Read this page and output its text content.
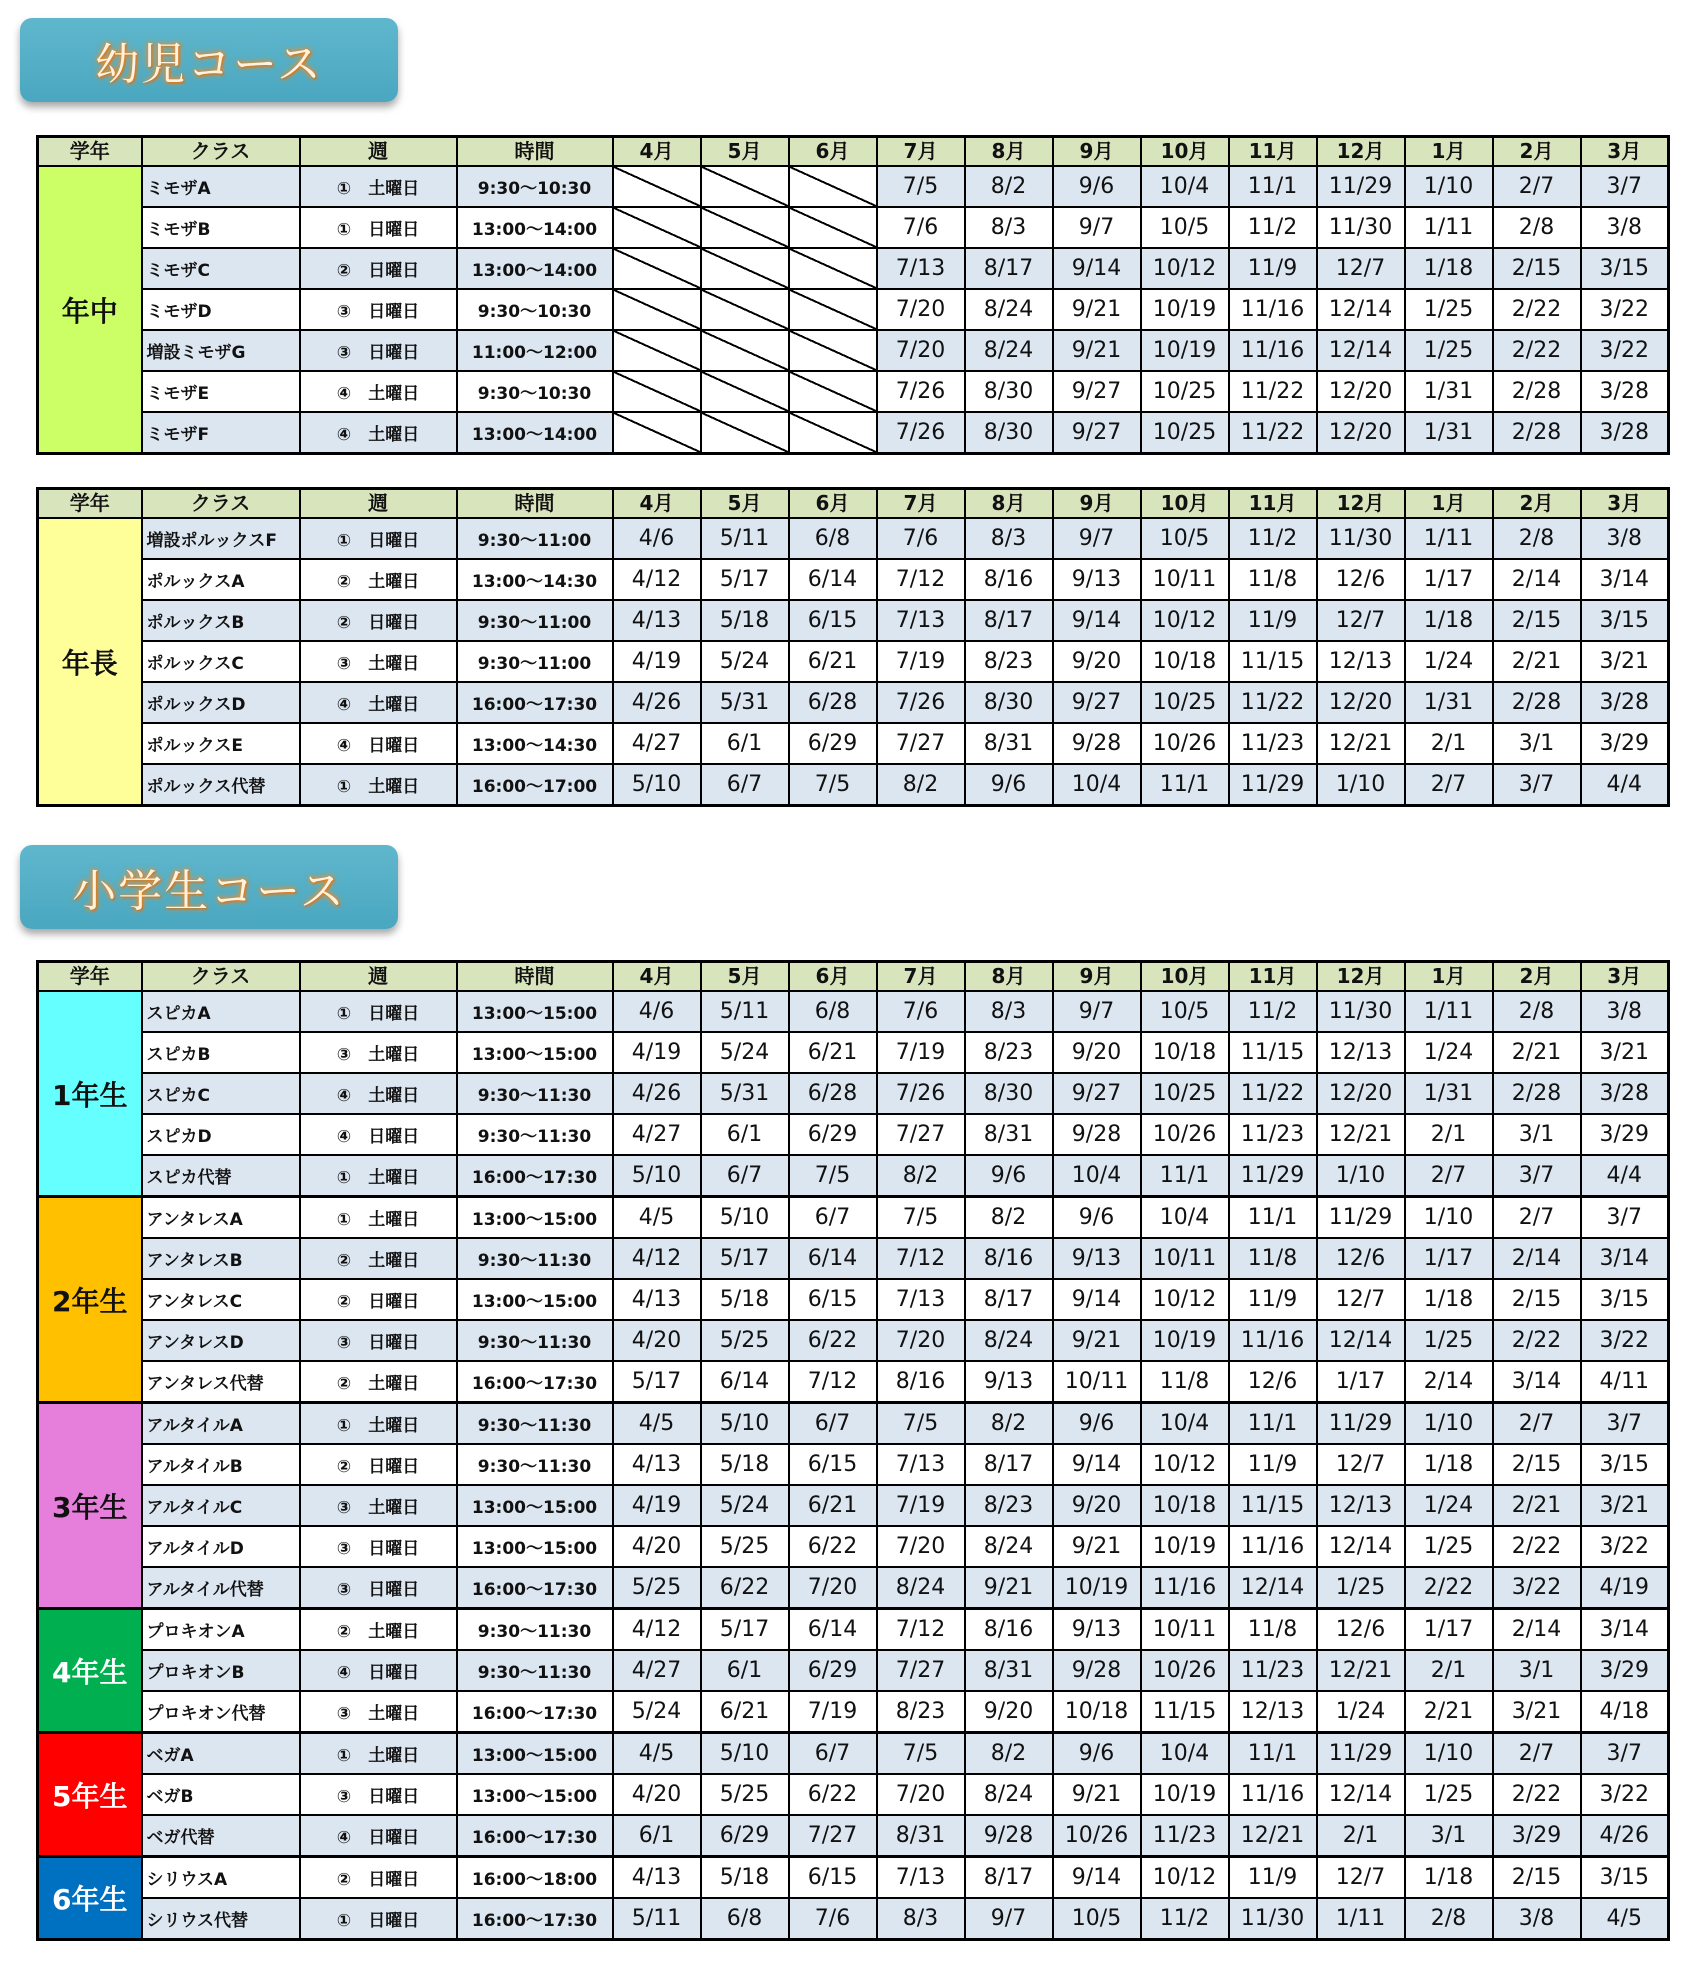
幼児コース
学年	クラス	週	時間	4月	5月	6月	7月	8月	9月	10月	11月	12月	1月	2月	3月
年中	ミモザA	①　土曜日	9:30～10:30				7/5	8/2	9/6	10/4	11/1	11/29	1/10	2/7	3/7
	ミモザB	①　日曜日	13:00～14:00				7/6	8/3	9/7	10/5	11/2	11/30	1/11	2/8	3/8
	ミモザC	②　日曜日	13:00～14:00				7/13	8/17	9/14	10/12	11/9	12/7	1/18	2/15	3/15
	ミモザD	③　日曜日	9:30～10:30				7/20	8/24	9/21	10/19	11/16	12/14	1/25	2/22	3/22
	増設ミモザG	③　日曜日	11:00～12:00				7/20	8/24	9/21	10/19	11/16	12/14	1/25	2/22	3/22
	ミモザE	④　土曜日	9:30～10:30				7/26	8/30	9/27	10/25	11/22	12/20	1/31	2/28	3/28
	ミモザF	④　土曜日	13:00～14:00				7/26	8/30	9/27	10/25	11/22	12/20	1/31	2/28	3/28
学年	クラス	週	時間	4月	5月	6月	7月	8月	9月	10月	11月	12月	1月	2月	3月
年長	増設ポルックスF	①　日曜日	9:30～11:00	4/6	5/11	6/8	7/6	8/3	9/7	10/5	11/2	11/30	1/11	2/8	3/8
	ポルックスA	②　土曜日	13:00～14:30	4/12	5/17	6/14	7/12	8/16	9/13	10/11	11/8	12/6	1/17	2/14	3/14
	ポルックスB	②　日曜日	9:30～11:00	4/13	5/18	6/15	7/13	8/17	9/14	10/12	11/9	12/7	1/18	2/15	3/15
	ポルックスC	③　土曜日	9:30～11:00	4/19	5/24	6/21	7/19	8/23	9/20	10/18	11/15	12/13	1/24	2/21	3/21
	ポルックスD	④　土曜日	16:00～17:30	4/26	5/31	6/28	7/26	8/30	9/27	10/25	11/22	12/20	1/31	2/28	3/28
	ポルックスE	④　日曜日	13:00～14:30	4/27	6/1	6/29	7/27	8/31	9/28	10/26	11/23	12/21	2/1	3/1	3/29
	ポルックス代替	①　土曜日	16:00～17:00	5/10	6/7	7/5	8/2	9/6	10/4	11/1	11/29	1/10	2/7	3/7	4/4
小学生コース
学年	クラス	週	時間	4月	5月	6月	7月	8月	9月	10月	11月	12月	1月	2月	3月
1年生	スピカA	①　日曜日	13:00～15:00	4/6	5/11	6/8	7/6	8/3	9/7	10/5	11/2	11/30	1/11	2/8	3/8
	スピカB	③　土曜日	13:00～15:00	4/19	5/24	6/21	7/19	8/23	9/20	10/18	11/15	12/13	1/24	2/21	3/21
	スピカC	④　土曜日	9:30～11:30	4/26	5/31	6/28	7/26	8/30	9/27	10/25	11/22	12/20	1/31	2/28	3/28
	スピカD	④　日曜日	9:30～11:30	4/27	6/1	6/29	7/27	8/31	9/28	10/26	11/23	12/21	2/1	3/1	3/29
	スピカ代替	①　土曜日	16:00～17:30	5/10	6/7	7/5	8/2	9/6	10/4	11/1	11/29	1/10	2/7	3/7	4/4
2年生	アンタレスA	①　土曜日	13:00～15:00	4/5	5/10	6/7	7/5	8/2	9/6	10/4	11/1	11/29	1/10	2/7	3/7
	アンタレスB	②　土曜日	9:30～11:30	4/12	5/17	6/14	7/12	8/16	9/13	10/11	11/8	12/6	1/17	2/14	3/14
	アンタレスC	②　日曜日	13:00～15:00	4/13	5/18	6/15	7/13	8/17	9/14	10/12	11/9	12/7	1/18	2/15	3/15
	アンタレスD	③　日曜日	9:30～11:30	4/20	5/25	6/22	7/20	8/24	9/21	10/19	11/16	12/14	1/25	2/22	3/22
	アンタレス代替	②　土曜日	16:00～17:30	5/17	6/14	7/12	8/16	9/13	10/11	11/8	12/6	1/17	2/14	3/14	4/11
3年生	アルタイルA	①　土曜日	9:30～11:30	4/5	5/10	6/7	7/5	8/2	9/6	10/4	11/1	11/29	1/10	2/7	3/7
	アルタイルB	②　日曜日	9:30～11:30	4/13	5/18	6/15	7/13	8/17	9/14	10/12	11/9	12/7	1/18	2/15	3/15
	アルタイルC	③　土曜日	13:00～15:00	4/19	5/24	6/21	7/19	8/23	9/20	10/18	11/15	12/13	1/24	2/21	3/21
	アルタイルD	③　日曜日	13:00～15:00	4/20	5/25	6/22	7/20	8/24	9/21	10/19	11/16	12/14	1/25	2/22	3/22
	アルタイル代替	③　日曜日	16:00～17:30	5/25	6/22	7/20	8/24	9/21	10/19	11/16	12/14	1/25	2/22	3/22	4/19
4年生	プロキオンA	②　土曜日	9:30～11:30	4/12	5/17	6/14	7/12	8/16	9/13	10/11	11/8	12/6	1/17	2/14	3/14
	プロキオンB	④　日曜日	9:30～11:30	4/27	6/1	6/29	7/27	8/31	9/28	10/26	11/23	12/21	2/1	3/1	3/29
	プロキオン代替	③　土曜日	16:00～17:30	5/24	6/21	7/19	8/23	9/20	10/18	11/15	12/13	1/24	2/21	3/21	4/18
5年生	ベガA	①　土曜日	13:00～15:00	4/5	5/10	6/7	7/5	8/2	9/6	10/4	11/1	11/29	1/10	2/7	3/7
	ベガB	③　日曜日	13:00～15:00	4/20	5/25	6/22	7/20	8/24	9/21	10/19	11/16	12/14	1/25	2/22	3/22
	ベガ代替	④　日曜日	16:00～17:30	6/1	6/29	7/27	8/31	9/28	10/26	11/23	12/21	2/1	3/1	3/29	4/26
6年生	シリウスA	②　日曜日	16:00～18:00	4/13	5/18	6/15	7/13	8/17	9/14	10/12	11/9	12/7	1/18	2/15	3/15
	シリウス代替	①　日曜日	16:00～17:30	5/11	6/8	7/6	8/3	9/7	10/5	11/2	11/30	1/11	2/8	3/8	4/5
